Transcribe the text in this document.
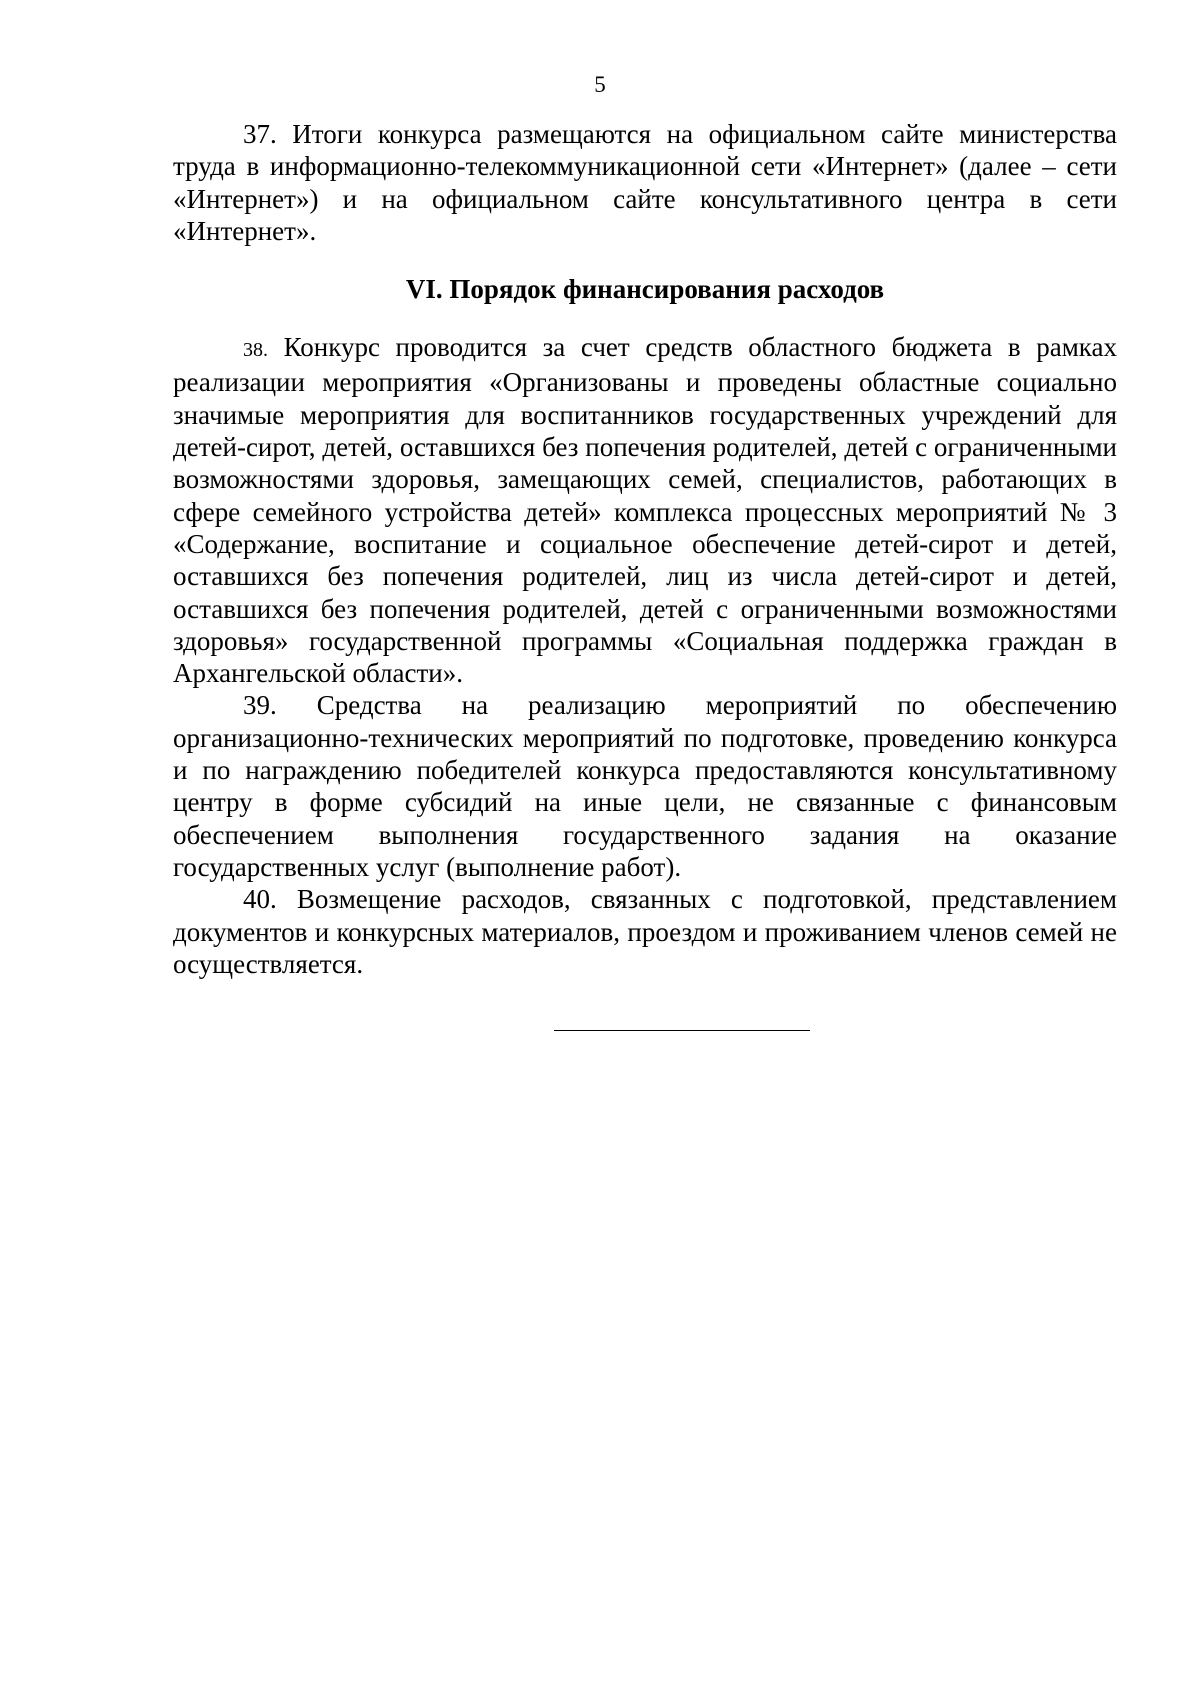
5

37. Итоги конкурса размещаются на официальном сайте министерства труда в информационно-телекоммуникационной сети «Интернет» (далее – сети «Интернет») и на официальном сайте консультативного центра в сети «Интернет».

VI. Порядок финансирования расходов

38. Конкурс проводится за счет средств областного бюджета в рамках реализации мероприятия «Организованы и проведены областные социально значимые мероприятия для воспитанников государственных учреждений для детей-сирот, детей, оставшихся без попечения родителей, детей с ограниченными возможностями здоровья, замещающих семей, специалистов, работающих в сфере семейного устройства детей» комплекса процессных мероприятий № 3 «Содержание, воспитание и социальное обеспечение детей-сирот и детей, оставшихся без попечения родителей, лиц из числа детей-сирот и детей, оставшихся без попечения родителей, детей с ограниченными возможностями здоровья» государственной программы «Социальная поддержка граждан в Архангельской области».

39. Средства на реализацию мероприятий по обеспечению организационно-технических мероприятий по подготовке, проведению конкурса и по награждению победителей конкурса предоставляются консультативному центру в форме субсидий на иные цели, не связанные с финансовым обеспечением выполнения государственного задания на оказание государственных услуг (выполнение работ).

40. Возмещение расходов, связанных с подготовкой, представлением документов и конкурсных материалов, проездом и проживанием членов семей не осуществляется.
